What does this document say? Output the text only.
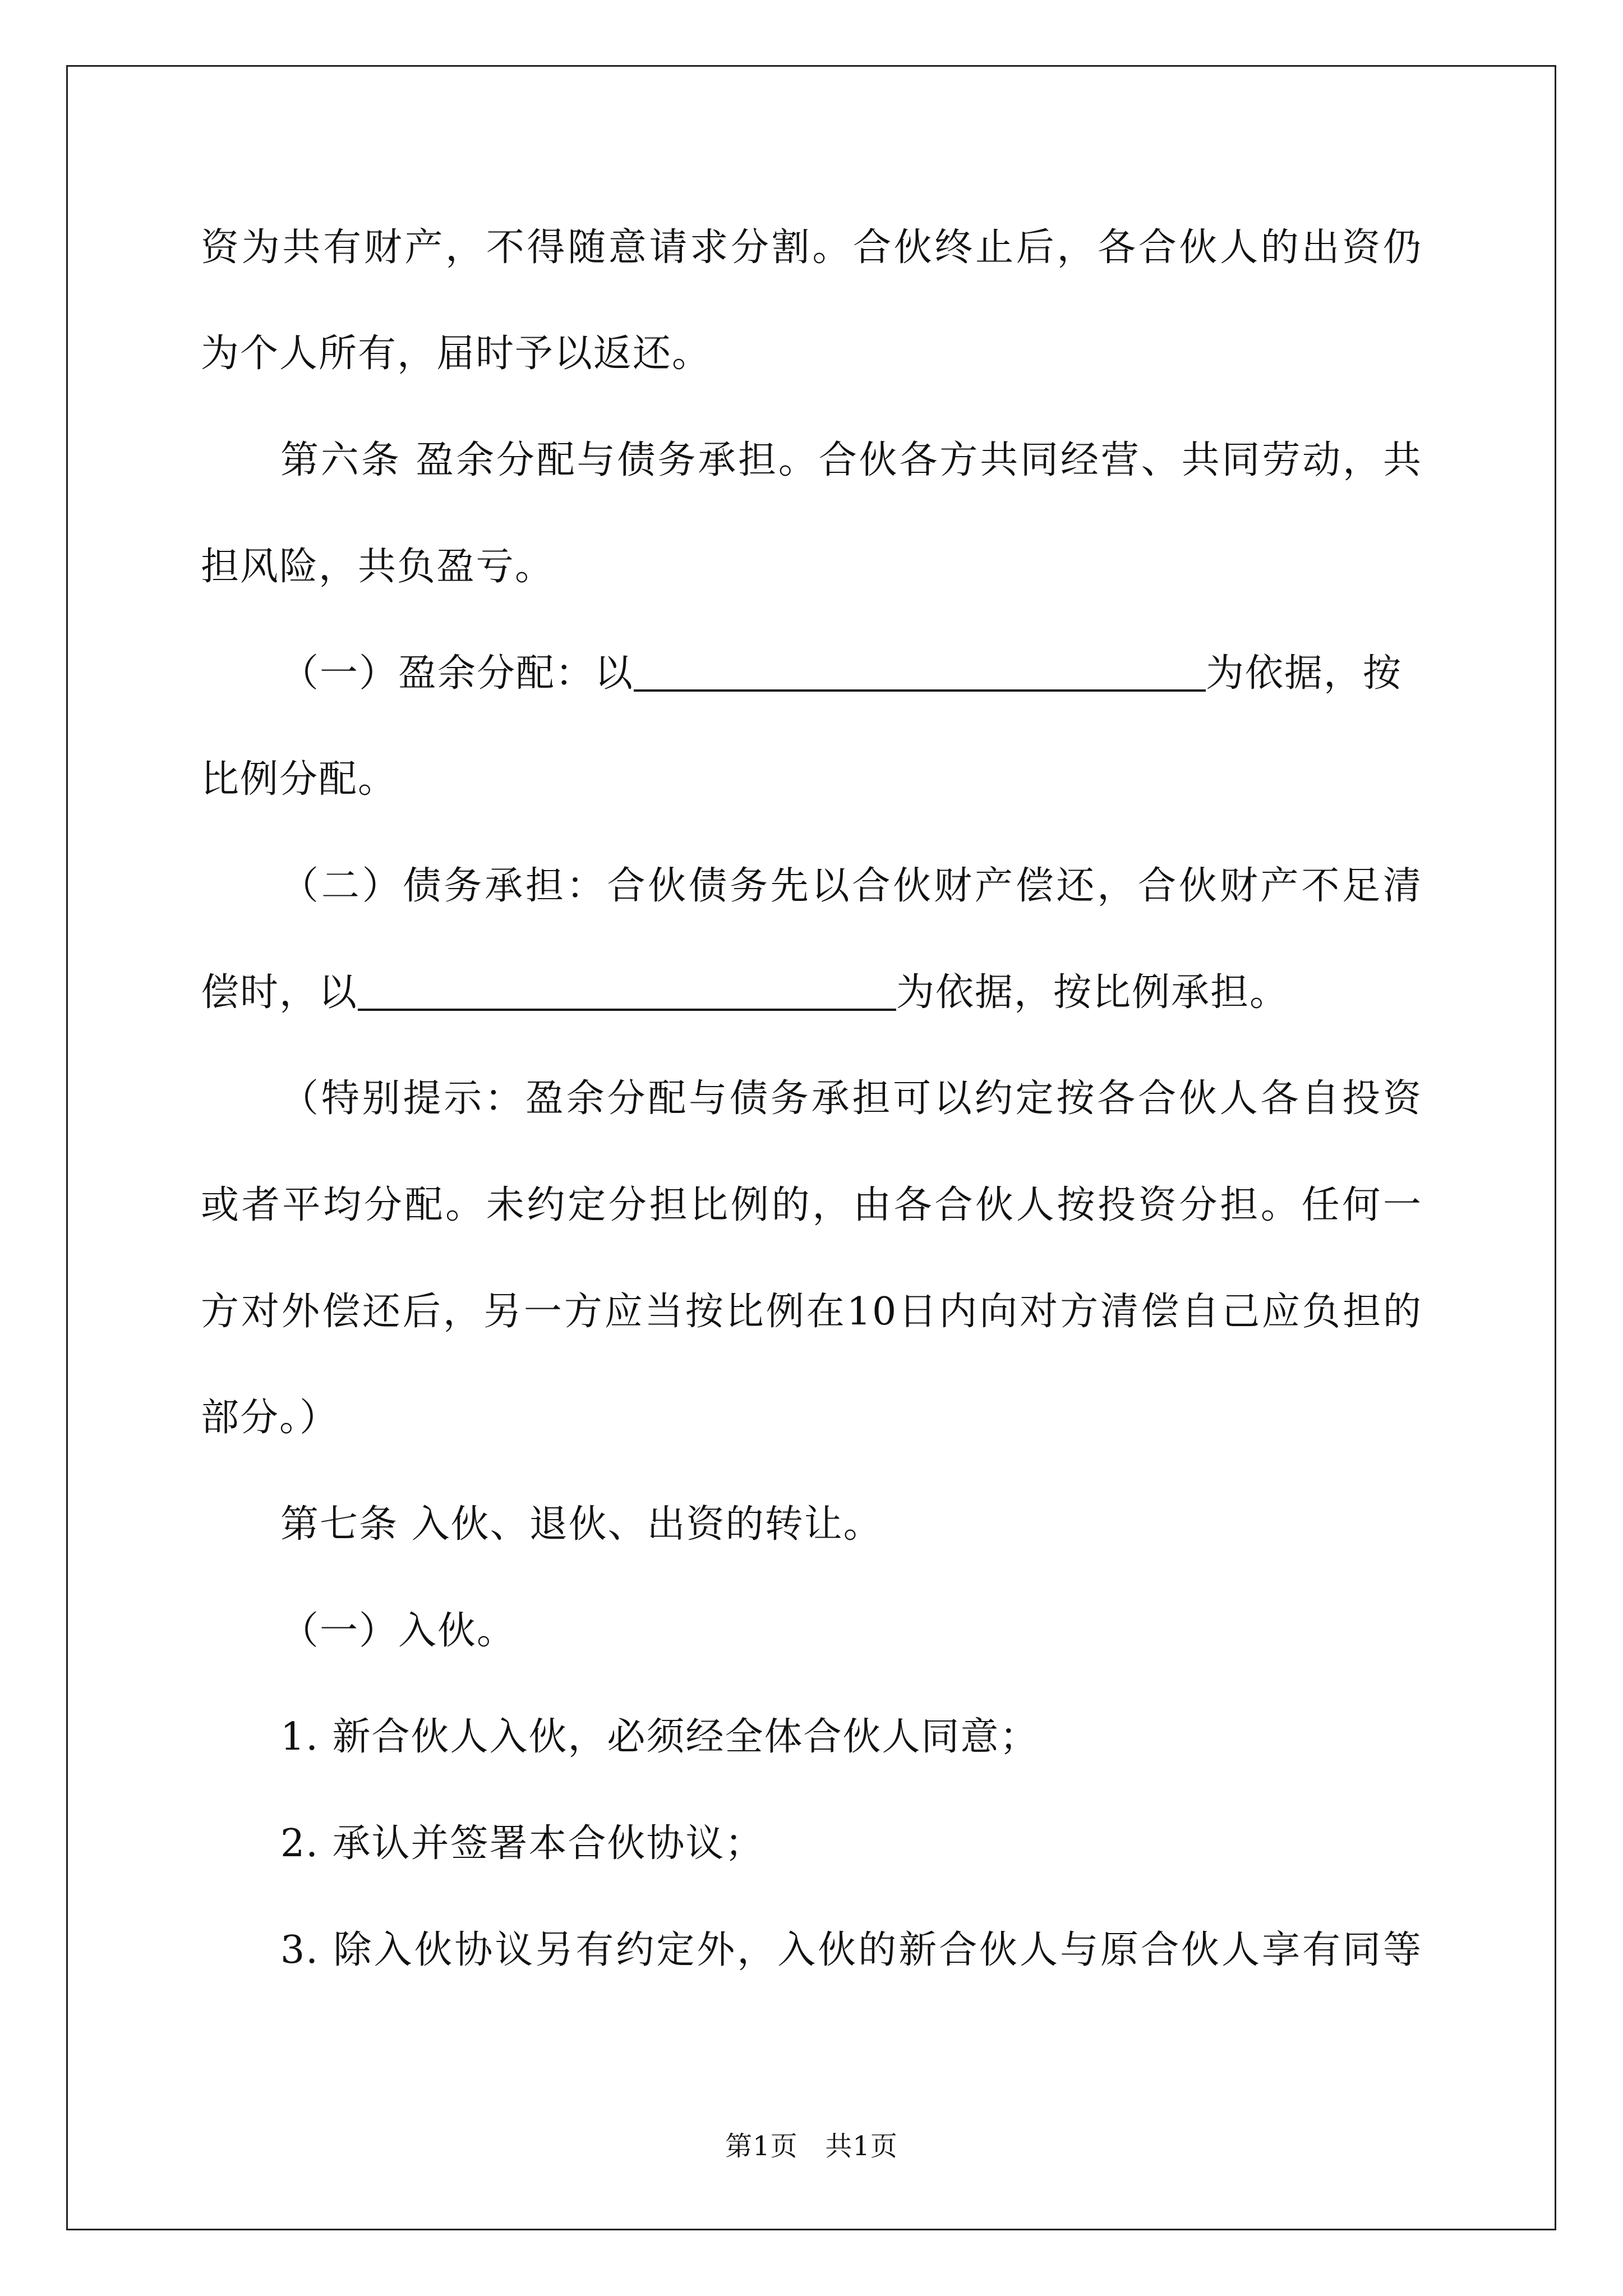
资为共有财产，不得随意请求分割。合伙终止后，各合伙人的出资仍
为个人所有，届时予以返还。
第六条 盈余分配与债务承担。合伙各方共同经营、共同劳动，共
担风险，共负盈亏。
（一）盈余分配：以	为依据，按
比例分配。
（二）债务承担：合伙债务先以合伙财产偿还，合伙财产不足清
偿时，以	为依据，按比例承担。
（特别提示：盈余分配与债务承担可以约定按各合伙人各自投资
或者平均分配。未约定分担比例的，由各合伙人按投资分担。任何一
方对外偿还后，另一方应当按比例在10日内向对方清偿自己应负担的
部分。）
第七条 入伙、退伙、出资的转让。
（一）入伙。
1. 新合伙人入伙，必须经全体合伙人同意；
2. 承认并签署本合伙协议；
3. 除入伙协议另有约定外，入伙的新合伙人与原合伙人享有同等
第1页 共1页
